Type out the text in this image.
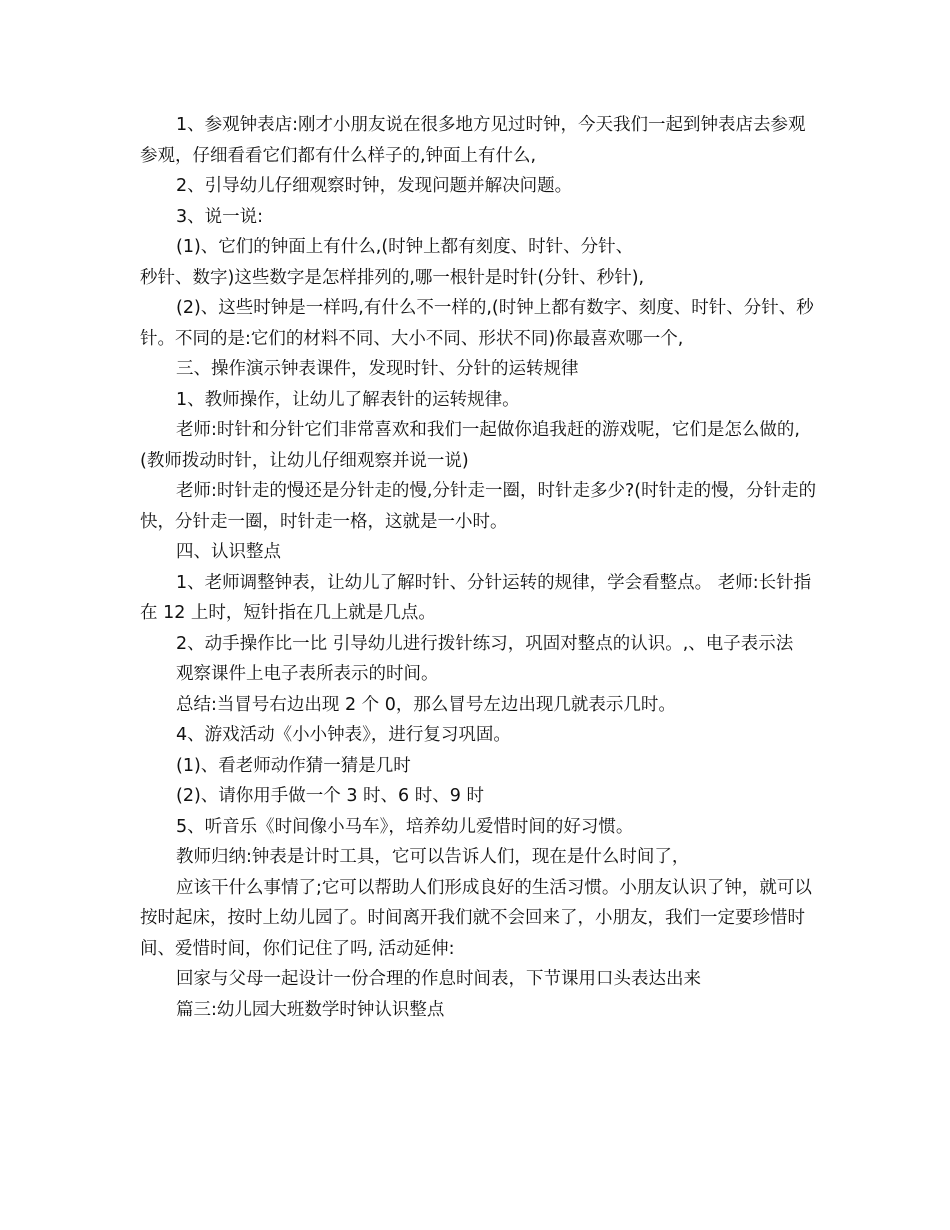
1、参观钟表店:刚才小朋友说在很多地方见过时钟，今天我们一起到钟表店去参观参观，仔细看看它们都有什么样子的,钟面上有什么,

2、引导幼儿仔细观察时钟，发现问题并解决问题。

3、说一说:

(1)、它们的钟面上有什么,(时钟上都有刻度、时针、分针、

秒针、数字)这些数字是怎样排列的,哪一根针是时针(分针、秒针),

(2)、这些时钟是一样吗,有什么不一样的,(时钟上都有数字、刻度、时针、分针、秒针。不同的是:它们的材料不同、大小不同、形状不同)你最喜欢哪一个,

三、操作演示钟表课件，发现时针、分针的运转规律

1、教师操作，让幼儿了解表针的运转规律。

老师:时针和分针它们非常喜欢和我们一起做你追我赶的游戏呢，它们是怎么做的,(教师拨动时针，让幼儿仔细观察并说一说)

老师:时针走的慢还是分针走的慢,分针走一圈，时针走多少?(时针走的慢，分针走的快，分针走一圈，时针走一格，这就是一小时。

四、认识整点

1、老师调整钟表，让幼儿了解时针、分针运转的规律，学会看整点。 老师:长针指在 12 上时，短针指在几上就是几点。

2、动手操作比一比 引导幼儿进行拨针练习，巩固对整点的认识。,、电子表示法

观察课件上电子表所表示的时间。

总结:当冒号右边出现 2 个 0，那么冒号左边出现几就表示几时。

4、游戏活动《小小钟表》，进行复习巩固。

(1)、看老师动作猜一猜是几时

(2)、请你用手做一个 3 时、6 时、9 时

5、听音乐《时间像小马车》，培养幼儿爱惜时间的好习惯。

教师归纳:钟表是计时工具，它可以告诉人们，现在是什么时间了，

应该干什么事情了;它可以帮助人们形成良好的生活习惯。小朋友认识了钟，就可以按时起床，按时上幼儿园了。时间离开我们就不会回来了，小朋友，我们一定要珍惜时间、爱惜时间，你们记住了吗, 活动延伸:

回家与父母一起设计一份合理的作息时间表，下节课用口头表达出来

篇三:幼儿园大班数学时钟认识整点
